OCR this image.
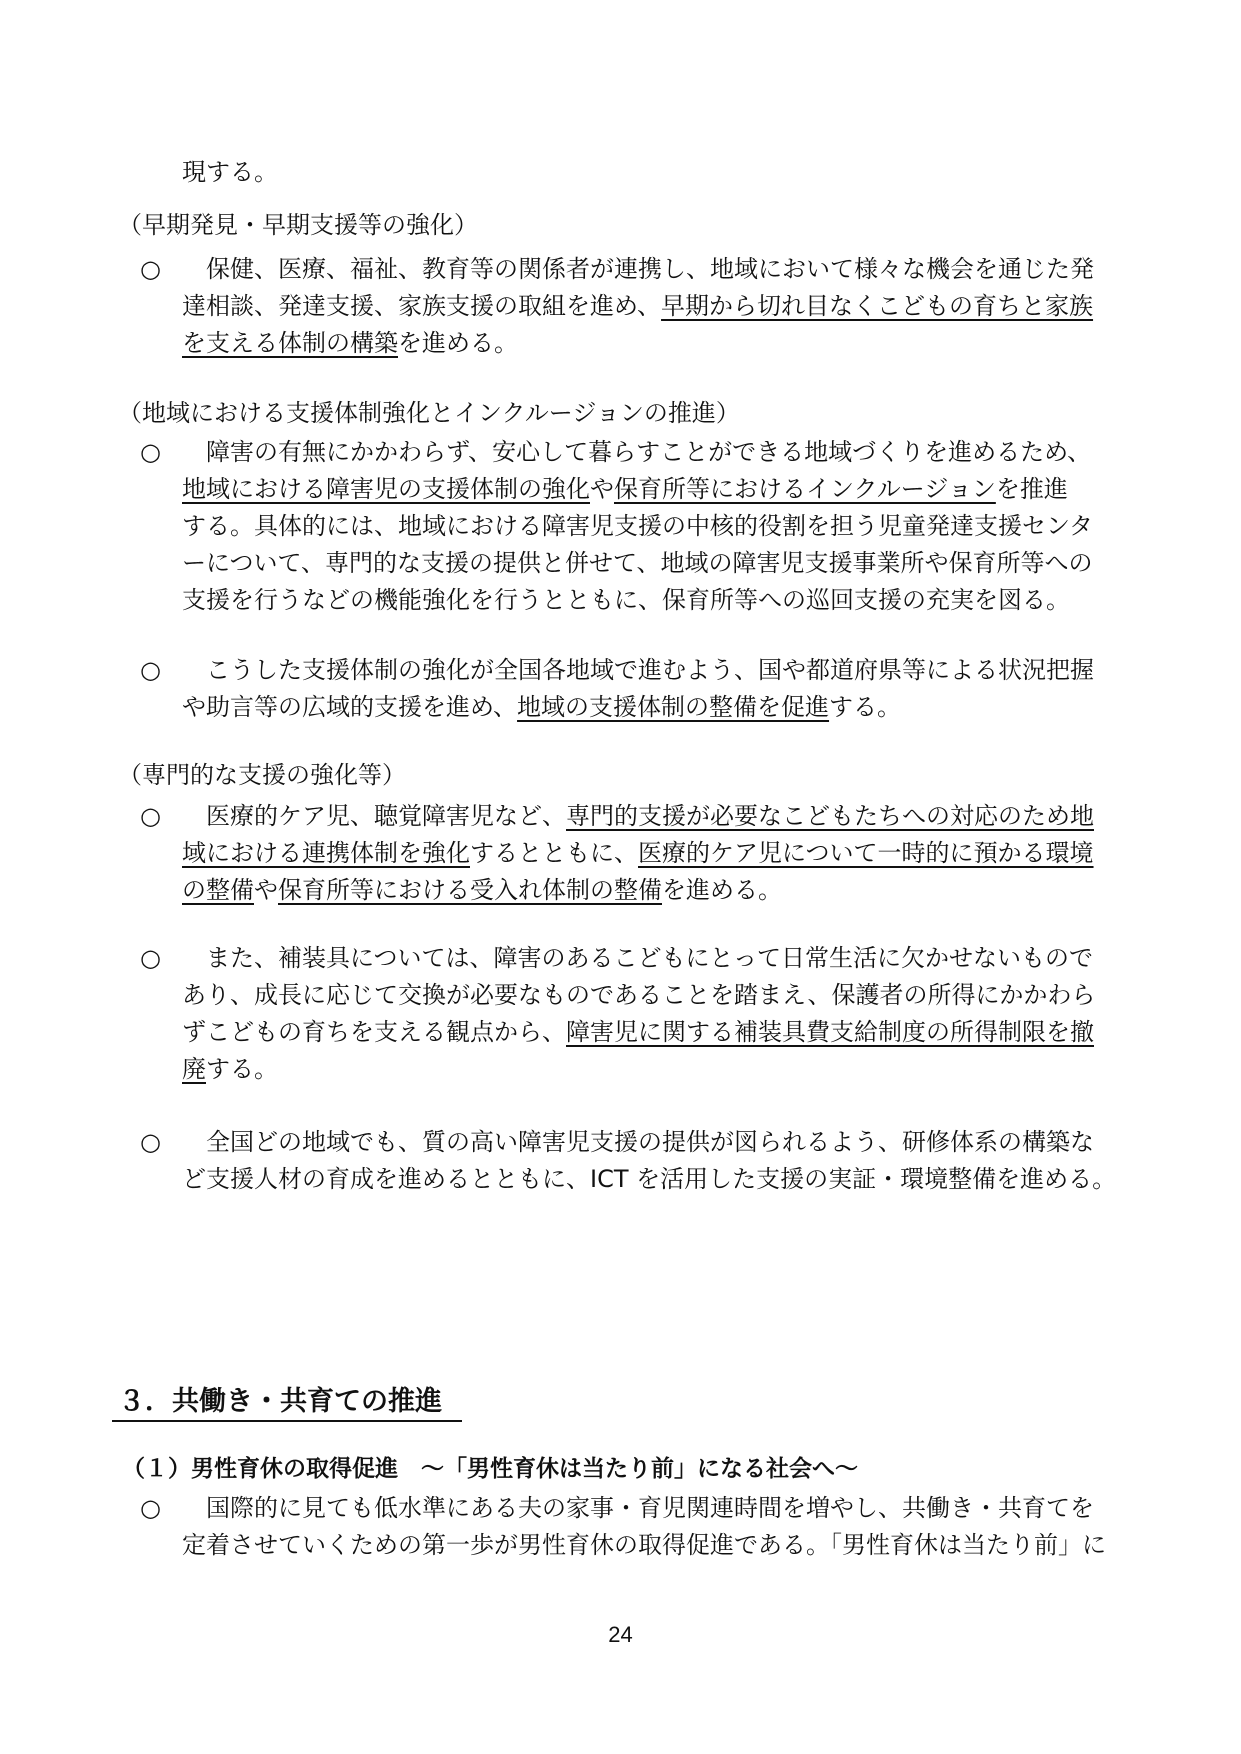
現する。
（早期発見・早期支援等の強化）
○ 　保健、医療、福祉、教育等の関係者が連携し、地域において様々な機会を通じた発
達相談、発達支援、家族支援の取組を進め、早期から切れ目なくこどもの育ちと家族
を支える体制の構築を進める。
（地域における支援体制強化とインクルージョンの推進）
○ 　障害の有無にかかわらず、安心して暮らすことができる地域づくりを進めるため、
地域における障害児の支援体制の強化や保育所等におけるインクルージョンを推進
する。具体的には、地域における障害児支援の中核的役割を担う児童発達支援センタ
ーについて、専門的な支援の提供と併せて、地域の障害児支援事業所や保育所等への
支援を行うなどの機能強化を行うとともに、保育所等への巡回支援の充実を図る。
○ 　こうした支援体制の強化が全国各地域で進むよう、国や都道府県等による状況把握
や助言等の広域的支援を進め、地域の支援体制の整備を促進する。
（専門的な支援の強化等）
○ 　医療的ケア児、聴覚障害児など、専門的支援が必要なこどもたちへの対応のため地
域における連携体制を強化するとともに、医療的ケア児について一時的に預かる環境
の整備や保育所等における受入れ体制の整備を進める。
○ 　また、補装具については、障害のあるこどもにとって日常生活に欠かせないもので
あり、成長に応じて交換が必要なものであることを踏まえ、保護者の所得にかかわら
ずこどもの育ちを支える観点から、障害児に関する補装具費支給制度の所得制限を撤
廃する。
○ 　全国どの地域でも、質の高い障害児支援の提供が図られるよう、研修体系の構築な
ど支援人材の育成を進めるとともに、ICT を活用した支援の実証・環境整備を進める。
３．共働き・共育ての推進
（１）男性育休の取得促進　～「男性育休は当たり前」になる社会へ～
○ 　国際的に見ても低水準にある夫の家事・育児関連時間を増やし、共働き・共育てを
定着させていくための第一歩が男性育休の取得促進である。「男性育休は当たり前」に
24
